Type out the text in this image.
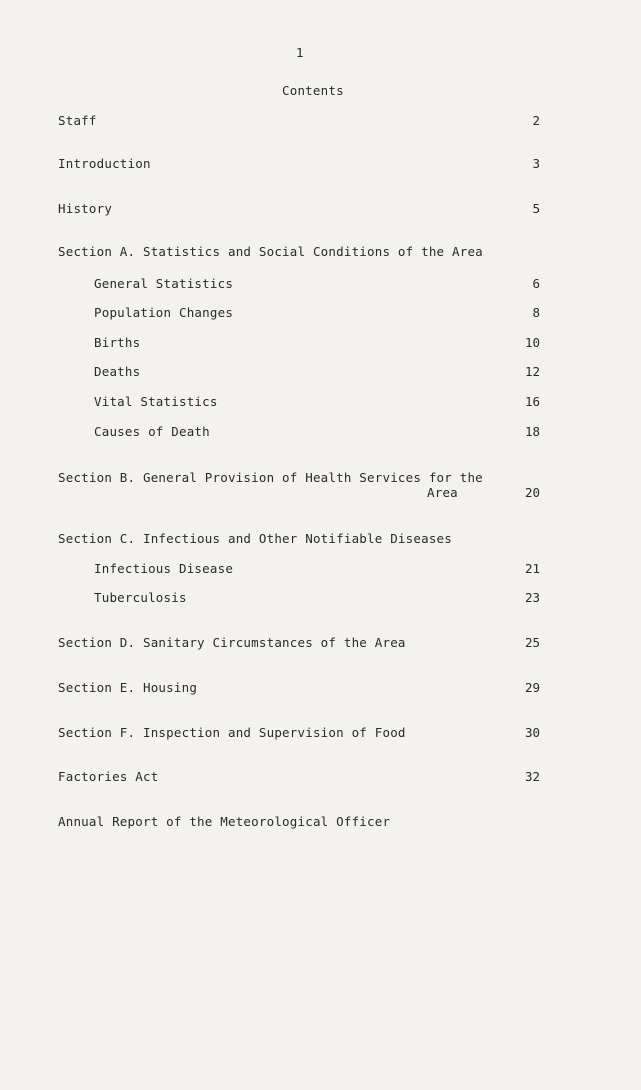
1
Contents
Staff	2
Introduction	3
History	5
Section A. Statistics and Social Conditions of the Area
General Statistics	6
Population Changes	8
Births	10
Deaths	12
Vital Statistics	16
Causes of Death	18
Section B. General Provision of Health Services for the
Area	20
Section C. Infectious and Other Notifiable Diseases
Infectious Disease	21
Tuberculosis	23
Section D. Sanitary Circumstances of the Area	25
Section E. Housing	29
Section F. Inspection and Supervision of Food	30
Factories Act	32
Annual Report of the Meteorological Officer
